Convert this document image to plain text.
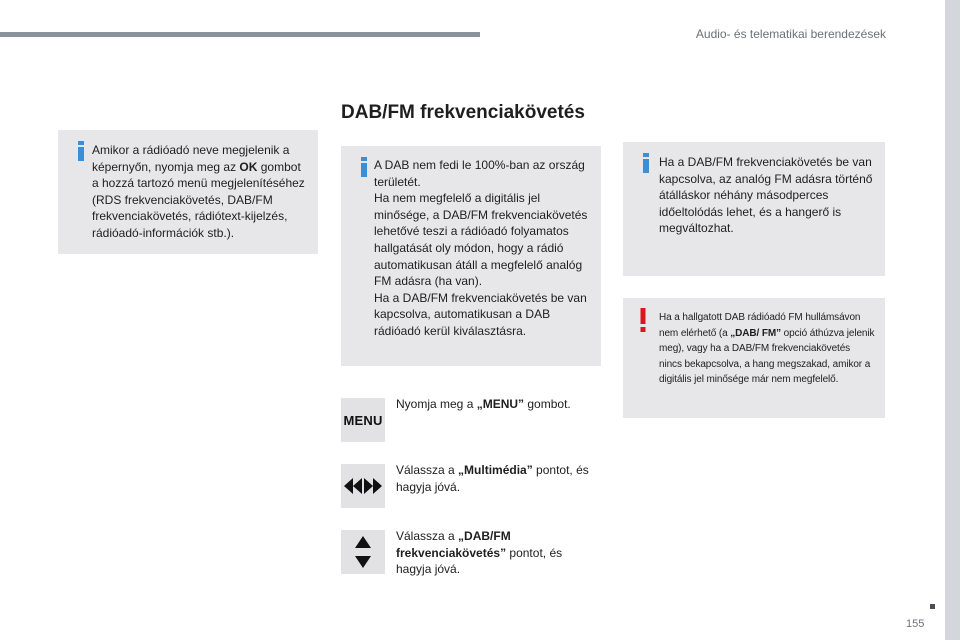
Audio- és telematikai berendezések
DAB/FM frekvenciakövetés
Amikor a rádióadó neve megjelenik a képernyőn, nyomja meg az OK gombot a hozzá tartozó menü megjelenítéséhez (RDS frekvenciakövetés, DAB/FM frekvenciakövetés, rádiótext-kijelzés, rádióadó-információk stb.).
A DAB nem fedi le 100%-ban az ország területét.
Ha nem megfelelő a digitális jel minősége, a DAB/FM frekvenciakövetés lehetővé teszi a rádióadó folyamatos hallgatását oly módon, hogy a rádió automatikusan átáll a megfelelő analóg FM adásra (ha van).
Ha a DAB/FM frekvenciakövetés be van kapcsolva, automatikusan a DAB rádióadó kerül kiválasztásra.
Ha a DAB/FM frekvenciakövetés be van kapcsolva, az analóg FM adásra történő átálláskor néhány másodperces időeltolódás lehet, és a hangerő is megváltozhat.
Ha a hallgatott DAB rádióadó FM hullámsávon nem elérhető (a „DAB/ FM” opció áthúzva jelenik meg), vagy ha a DAB/FM frekvenciakövetés nincs bekapcsolva, a hang megszakad, amikor a digitális jel minősége már nem megfelelő.
MENU
Nyomja meg a „MENU” gombot.
Válassza a „Multimédia” pontot, és hagyja jóvá.
Válassza a „DAB/FM frekvenciakövetés” pontot, és hagyja jóvá.
155
